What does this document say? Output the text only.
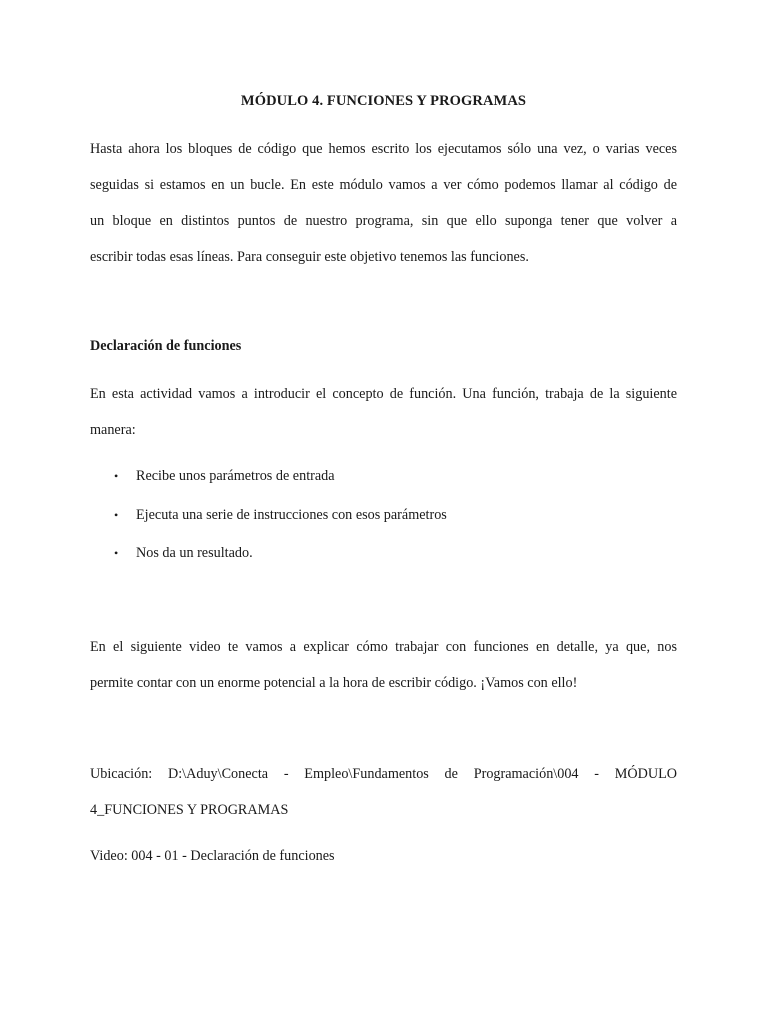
MÓDULO 4. FUNCIONES Y PROGRAMAS
Hasta ahora los bloques de código que hemos escrito los ejecutamos sólo una vez, o varias veces
seguidas si estamos en un bucle. En este módulo vamos a ver cómo podemos llamar al código de
un bloque en distintos puntos de nuestro programa, sin que ello suponga tener que volver a
escribir todas esas líneas. Para conseguir este objetivo tenemos las funciones.
Declaración de funciones
En esta actividad vamos a introducir el concepto de función. Una función, trabaja de la siguiente
manera:
• Recibe unos parámetros de entrada
• Ejecuta una serie de instrucciones con esos parámetros
• Nos da un resultado.
En el siguiente video te vamos a explicar cómo trabajar con funciones en detalle, ya que, nos
permite contar con un enorme potencial a la hora de escribir código. ¡Vamos con ello!
Ubicación: D:\Aduy\Conecta - Empleo\Fundamentos de Programación\004 - MÓDULO
4_FUNCIONES Y PROGRAMAS
Video: 004 - 01 - Declaración de funciones
